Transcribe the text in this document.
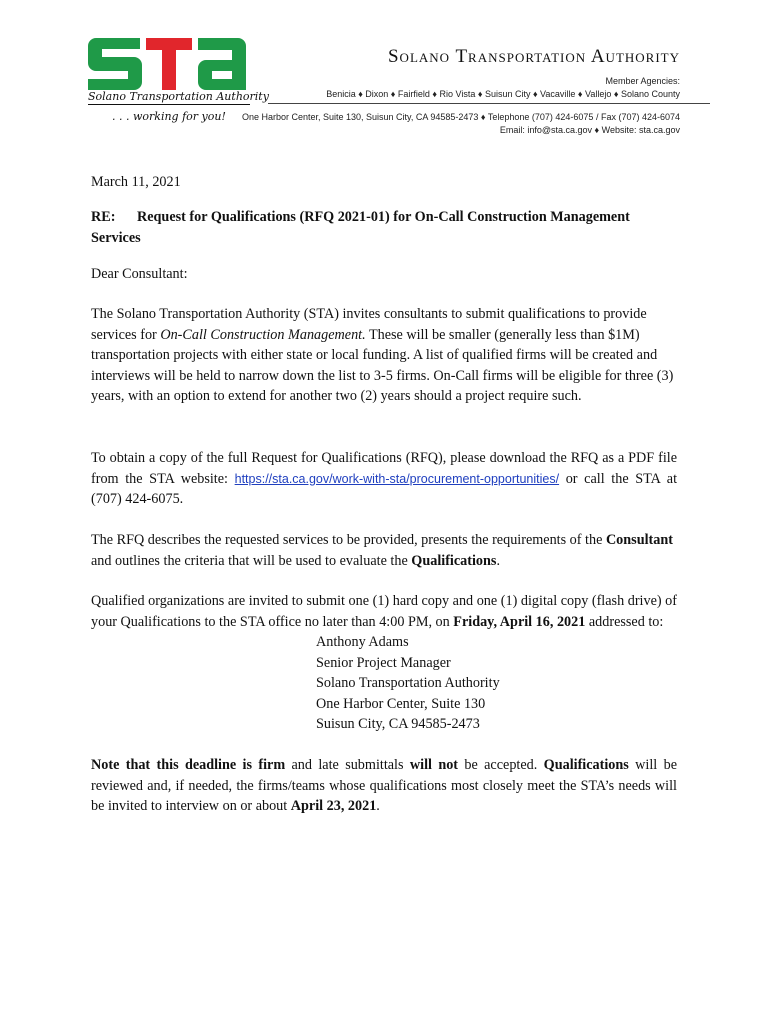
Solano Transportation Authority
. . . working for you!
Solano Transportation Authority
Member Agencies:
Benicia ♦ Dixon ♦ Fairfield ♦ Rio Vista ♦ Suisun City ♦ Vacaville ♦ Vallejo ♦ Solano County
One Harbor Center, Suite 130, Suisun City, CA 94585-2473 ♦ Telephone (707) 424-6075 / Fax (707) 424-6074
Email: info@sta.ca.gov ♦ Website: sta.ca.gov
March 11, 2021
RE: Request for Qualifications (RFQ 2021-01) for On-Call Construction Management Services
Dear Consultant:
The Solano Transportation Authority (STA) invites consultants to submit qualifications to provide services for On-Call Construction Management. These will be smaller (generally less than $1M) transportation projects with either state or local funding. A list of qualified firms will be created and interviews will be held to narrow down the list to 3-5 firms. On-Call firms will be eligible for three (3) years, with an option to extend for another two (2) years should a project require such.
To obtain a copy of the full Request for Qualifications (RFQ), please download the RFQ as a PDF file from the STA website: https://sta.ca.gov/work-with-sta/procurement-opportunities/ or call the STA at (707) 424-6075.
The RFQ describes the requested services to be provided, presents the requirements of the Consultant and outlines the criteria that will be used to evaluate the Qualifications.
Qualified organizations are invited to submit one (1) hard copy and one (1) digital copy (flash drive) of your Qualifications to the STA office no later than 4:00 PM, on Friday, April 16, 2021 addressed to:
Anthony Adams
Senior Project Manager
Solano Transportation Authority
One Harbor Center, Suite 130
Suisun City, CA 94585-2473
Note that this deadline is firm and late submittals will not be accepted. Qualifications will be reviewed and, if needed, the firms/teams whose qualifications most closely meet the STA’s needs will be invited to interview on or about April 23, 2021.
